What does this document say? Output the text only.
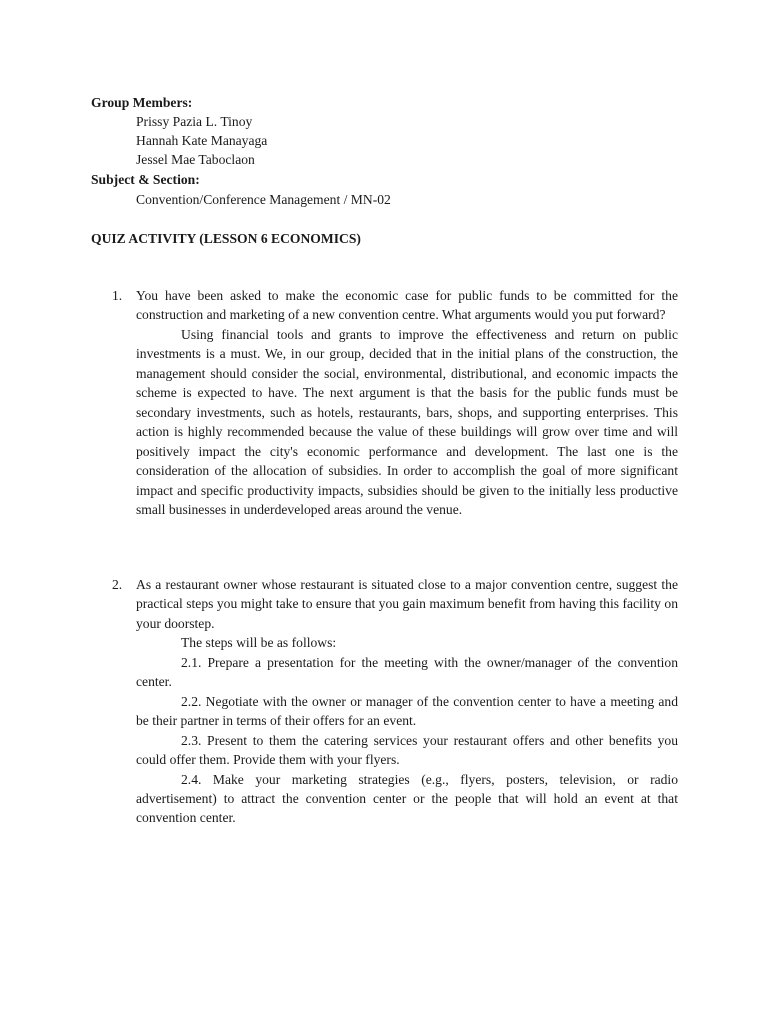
Group Members:
Prissy Pazia L. Tinoy
Hannah Kate Manayaga
Jessel Mae Taboclaon
Subject & Section:
Convention/Conference Management / MN-02
QUIZ ACTIVITY (LESSON 6 ECONOMICS)
1. You have been asked to make the economic case for public funds to be committed for the construction and marketing of a new convention centre. What arguments would you put forward?

Using financial tools and grants to improve the effectiveness and return on public investments is a must. We, in our group, decided that in the initial plans of the construction, the management should consider the social, environmental, distributional, and economic impacts the scheme is expected to have. The next argument is that the basis for the public funds must be secondary investments, such as hotels, restaurants, bars, shops, and supporting enterprises. This action is highly recommended because the value of these buildings will grow over time and will positively impact the city's economic performance and development. The last one is the consideration of the allocation of subsidies. In order to accomplish the goal of more significant impact and specific productivity impacts, subsidies should be given to the initially less productive small businesses in underdeveloped areas around the venue.

2. As a restaurant owner whose restaurant is situated close to a major convention centre, suggest the practical steps you might take to ensure that you gain maximum benefit from having this facility on your doorstep.

The steps will be as follows:

2.1. Prepare a presentation for the meeting with the owner/manager of the convention center.

2.2. Negotiate with the owner or manager of the convention center to have a meeting and be their partner in terms of their offers for an event.

2.3. Present to them the catering services your restaurant offers and other benefits you could offer them. Provide them with your flyers.

2.4. Make your marketing strategies (e.g., flyers, posters, television, or radio advertisement) to attract the convention center or the people that will hold an event at that convention center.
